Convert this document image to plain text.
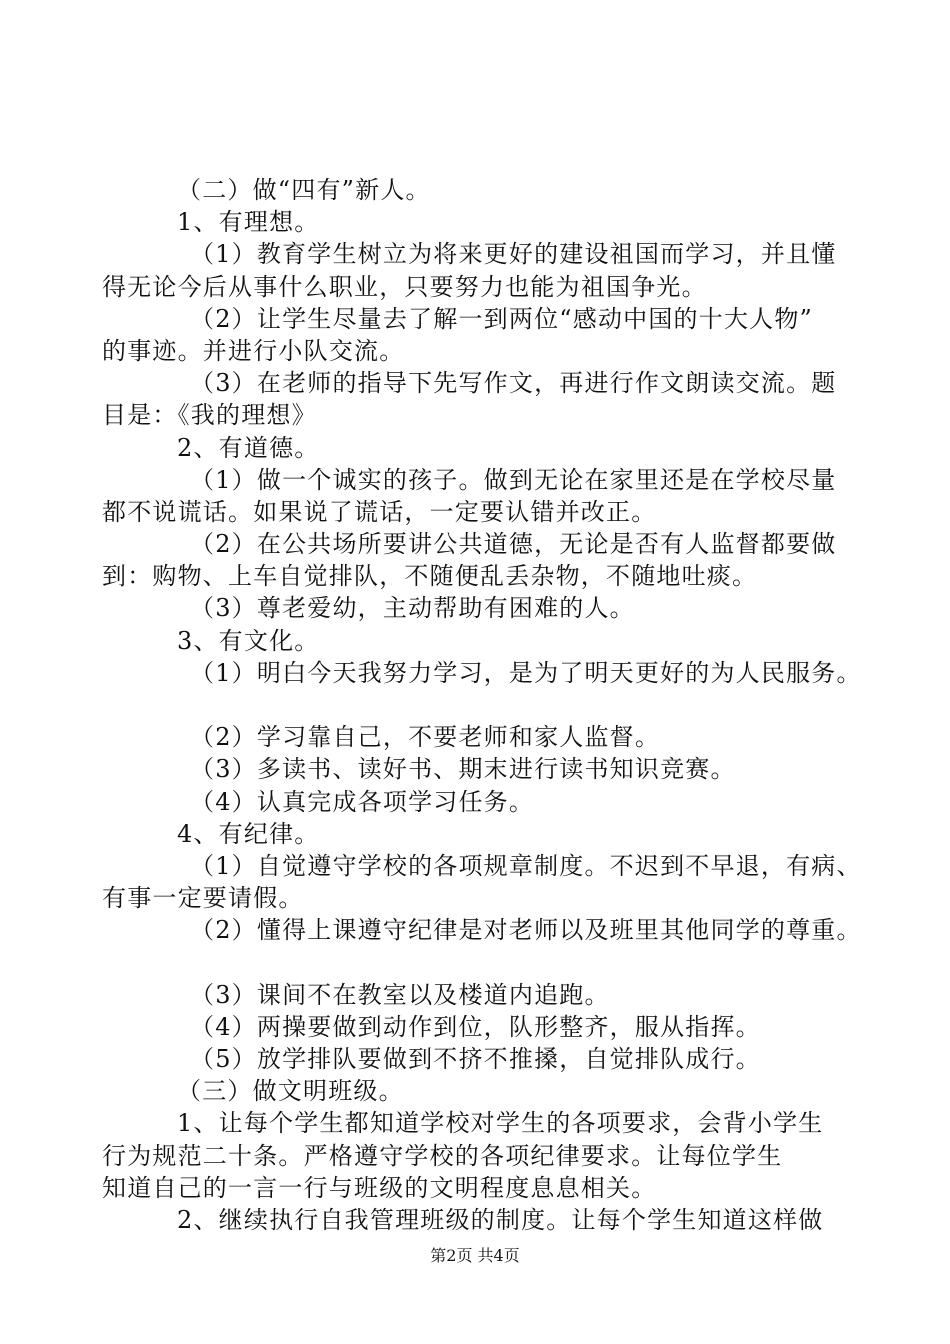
（二）做“四有”新人。
1、有理想。
（1）教育学生树立为将来更好的建设祖国而学习，并且懂
得无论今后从事什么职业，只要努力也能为祖国争光。
（2）让学生尽量去了解一到两位“感动中国的十大人物”
的事迹。并进行小队交流。
（3）在老师的指导下先写作文，再进行作文朗读交流。题
目是：《我的理想》
2、有道德。
（1）做一个诚实的孩子。做到无论在家里还是在学校尽量
都不说谎话。如果说了谎话，一定要认错并改正。
（2）在公共场所要讲公共道德，无论是否有人监督都要做
到：购物、上车自觉排队，不随便乱丢杂物，不随地吐痰。
（3）尊老爱幼，主动帮助有困难的人。
3、有文化。
（1）明白今天我努力学习，是为了明天更好的为人民服务。
（2）学习靠自己，不要老师和家人监督。
（3）多读书、读好书、期末进行读书知识竞赛。
（4）认真完成各项学习任务。
4、有纪律。
（1）自觉遵守学校的各项规章制度。不迟到不早退，有病、
有事一定要请假。
（2）懂得上课遵守纪律是对老师以及班里其他同学的尊重。
（3）课间不在教室以及楼道内追跑。
（4）两操要做到动作到位，队形整齐，服从指挥。
（5）放学排队要做到不挤不推搡，自觉排队成行。
（三）做文明班级。
1、让每个学生都知道学校对学生的各项要求，会背小学生
行为规范二十条。严格遵守学校的各项纪律要求。让每位学生
知道自己的一言一行与班级的文明程度息息相关。
2、继续执行自我管理班级的制度。让每个学生知道这样做
第2页 共4页
